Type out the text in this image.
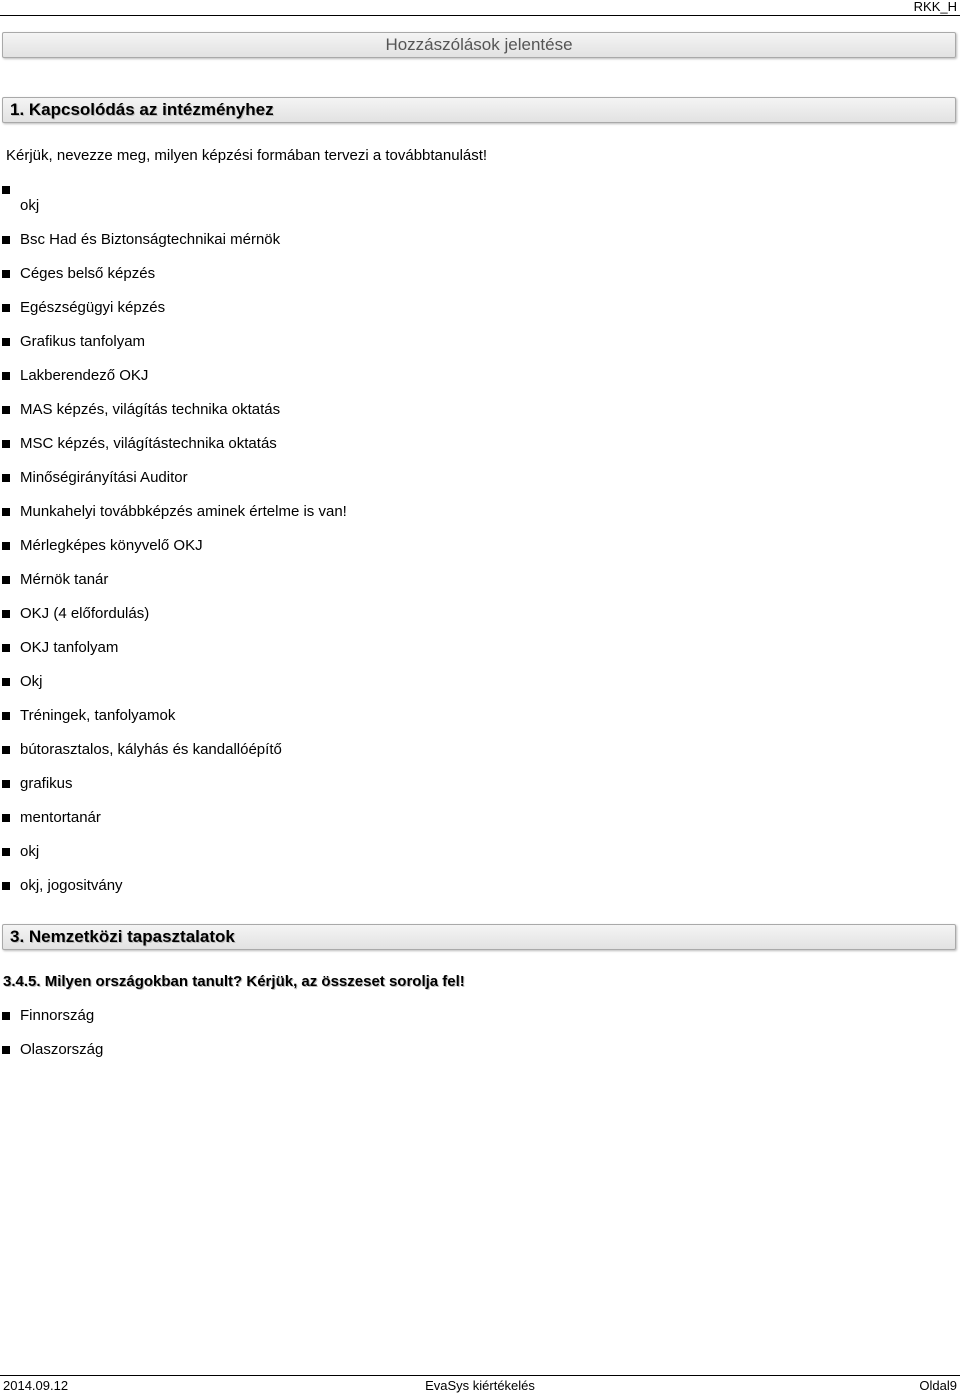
RKK_H
Hozzászólások jelentése
1. Kapcsolódás az intézményhez
Kérjük, nevezze meg, milyen képzési formában tervezi a továbbtanulást!
okj
Bsc Had és Biztonságtechnikai mérnök
Céges belső képzés
Egészségügyi képzés
Grafikus tanfolyam
Lakberendező OKJ
MAS képzés, világítás technika oktatás
MSC képzés, világítástechnika oktatás
Minőségirányítási Auditor
Munkahelyi továbbképzés aminek értelme is van!
Mérlegképes könyvelő OKJ
Mérnök tanár
OKJ (4 előfordulás)
OKJ tanfolyam
Okj
Tréningek, tanfolyamok
bútorasztalos, kályhás és kandallóépítő
grafikus
mentortanár
okj
okj, jogositvány
3. Nemzetközi tapasztalatok
3.4.5. Milyen országokban tanult? Kérjük, az összeset sorolja fel!
Finnország
Olaszország
2014.09.12	EvaSys kiértékelés	Oldal9
